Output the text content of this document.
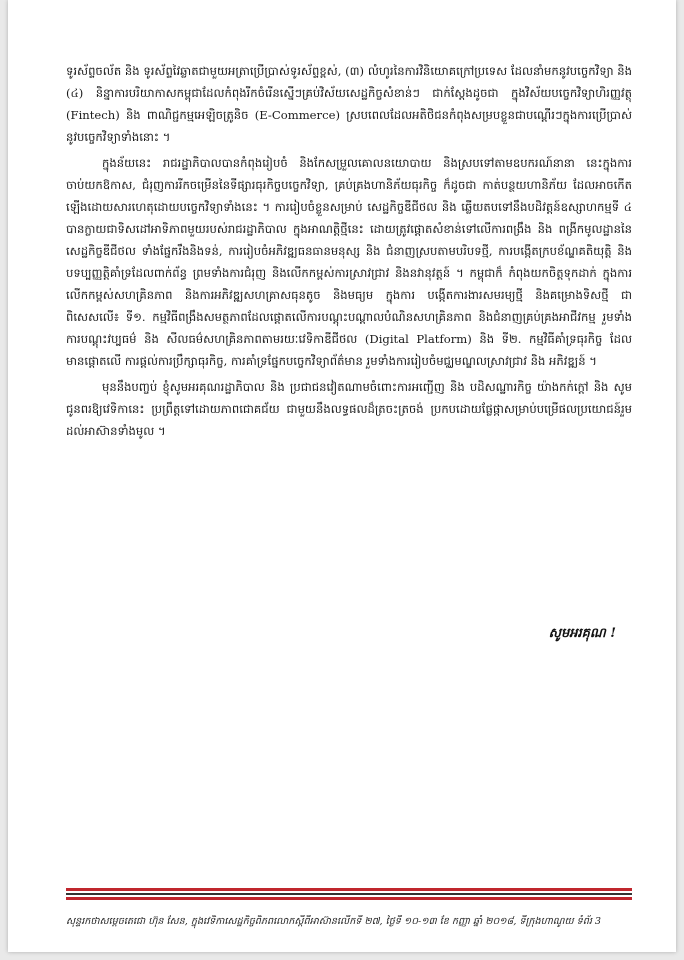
ទូរស័ព្ទចល័ត និង ទូរស័ព្ទវៃឆ្លាតជាមួយអត្រាប្រើប្រាស់ទូរស័ព្ទខ្ពស់, (៣) លំហូរនៃការវិនិយោគក្រៅប្រទេស ដែលនាំមកនូវបច្ចេកវិទ្យា និង (៤) និន្នាការបរិយាកាសកម្ពុជាដែលកំពុងរីកចំរើនស្នើៗគ្រប់វិស័យសេដ្ឋកិច្ចសំខាន់ៗ ជាក់ស្តែងដូចជា ក្នុងវិស័យបច្ចេកវិទ្យាហិរញ្ញវត្ថុ (Fintech) និង ពាណិជ្ជកម្មអេឡិចត្រូនិច (E-Commerce) ស្របពេលដែលអតិថិជនកំពុងសម្របខ្លួនជាបណ្តើរៗក្នុងការប្រើប្រាស់នូវបច្ចេកវិទ្យាទាំងនោះ ។

ក្នុងន័យនេះ រាជរដ្ឋាភិបាលបានកំពុងរៀបចំ និងកែសម្រួលគោលនយោបាយ និងស្របទៅតាមឧបករណ៍នានា នេះក្នុងការចាប់យកឱកាស, ជំរុញការរីកចម្រើននៃទីផ្សារធុរកិច្ចបច្ចេកវិទ្យា, គ្រប់គ្រងហានិភ័យធុរកិច្ច ក៏ដូចជា កាត់បន្ថយហានិភ័យ ដែលអាចកើតឡើងដោយសារហេតុដោយបច្ចេកវិទ្យាទាំងនេះ ។ ការរៀបចំខ្លួនសម្រាប់ សេដ្ឋកិច្ចឌីជីថល និង ឆ្លើយតបទៅនឹងបដិវត្តន៍ឧស្សាហកម្មទី ៤ បានក្លាយជាទិសដៅអាទិភាពមួយរបស់រាជរដ្ឋាភិបាល ក្នុងអាណត្តិថ្មីនេះ ដោយត្រូវផ្តោតសំខាន់ទៅលើការពង្រឹង និង ពង្រីកមូលដ្ឋាននៃសេដ្ឋកិច្ចឌីជីថល ទាំងផ្នែករឹងនិងទន់, ការរៀបចំអភិវឌ្ឍធនធានមនុស្ស និង ជំនាញស្របតាមបរិបទថ្មី, ការបង្កើតក្របខ័ណ្ឌគតិយុត្តិ និង បទប្បញ្ញត្តិគាំទ្រដែលពាក់ព័ន្ធ ព្រមទាំងការជំរុញ និងលើកកម្ពស់ការស្រាវជ្រាវ និងនវានុវត្តន៍ ។ កម្ពុជាក៏ កំពុងយកចិត្តទុកដាក់ ក្នុងការលើកកម្ពស់សហគ្រិនភាព និងការអភិវឌ្ឍសហគ្រាសធុនតូច និងមធ្យម ក្នុងការ បង្កើតការងារសមរម្យថ្មី និងគម្រោងទិសថ្មី ជាពិសេសលើ៖ ទី១. កម្មវិធីពង្រឹងសមត្ថភាពដែលផ្តោតលើការបណ្តុះបណ្តាលបំណិនសហគ្រិនភាព និងជំនាញគ្រប់គ្រងអាជីវកម្ម រួមទាំងការបណ្តុះវប្បធម៌ និង សីលធម៌សហគ្រិនភាពតាមរយៈវេទិកាឌីជីថល (Digital Platform) និង ទី២. កម្មវិធីគាំទ្រធុរកិច្ច ដែលមានផ្តោតលើ ការផ្តល់ការប្រឹក្សាធុរកិច្ច, ការគាំទ្រផ្នែកបច្ចេកវិទ្យាព័ត៌មាន រួមទាំងការរៀបចំមជ្ឈមណ្ឌលស្រាវជ្រាវ និង អភិវឌ្ឍន៍ ។

មុននឹងបញ្ចប់ ខ្ញុំសូមអរគុណរដ្ឋាភិបាល និង ប្រជាជនវៀតណាមចំពោះការអញ្ជើញ និង បដិសណ្ឋារកិច្ច យ៉ាងកក់ក្តៅ និង សូមជូនពរឱ្យវេទិកានេះ ប្រព្រឹត្តទៅដោយភាពជោគជ័យ ជាមួយនឹងលទ្ធផលដ៏ត្រចះត្រចង់ ប្រកបដោយផ្លែផ្កាសម្រាប់បម្រើផលប្រយោជន៍រួមដល់អាស៊ានទាំងមូល ។

សូមអរគុណ !
សុន្ទរកថាសម្តេចតេជោ ហ៊ុន សែន, ក្នុងវេទិកាសេដ្ឋកិច្ចពិភពលោកស្តីពីអាស៊ានលើកទី ២៧, ថ្ងៃទី ១០-១៣ ខែ កញ្ញា ឆ្នាំ ២០១៨, ទីក្រុងហាណូយ ទំព័រ 3
